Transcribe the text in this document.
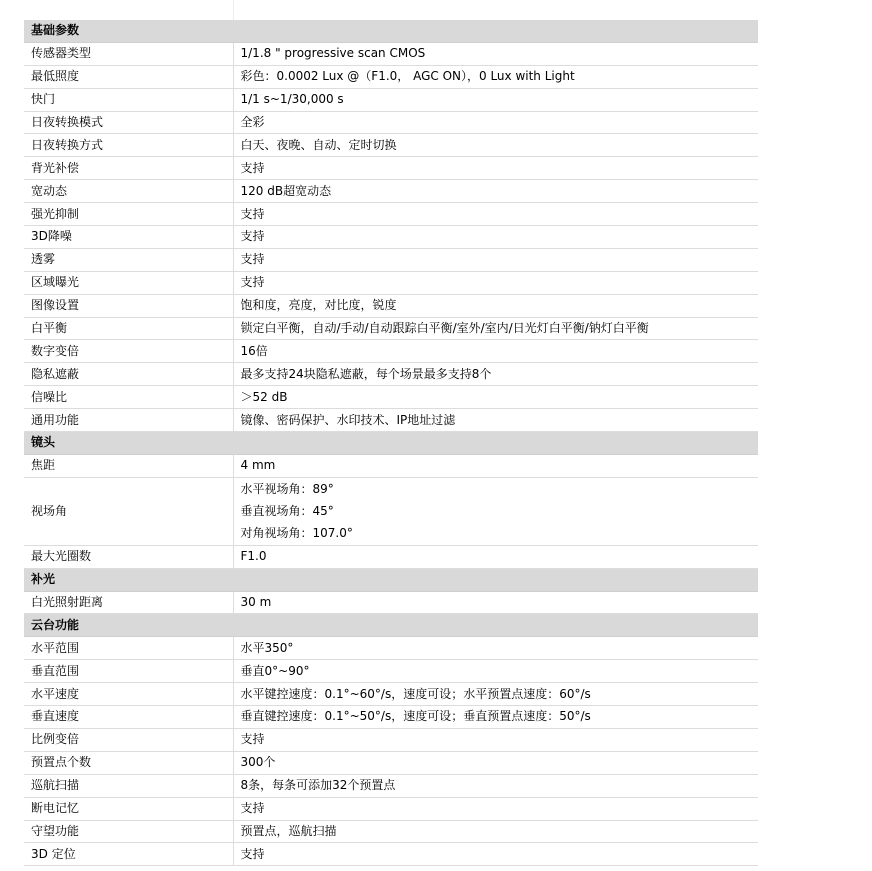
基础参数	
传感器类型	1/1.8 " progressive scan CMOS
最低照度	彩色：0.0002 Lux @（F1.0， AGC ON），0 Lux with Light
快门	1/1 s~1/30,000 s
日夜转换模式	全彩
日夜转换方式	白天、夜晚、自动、定时切换
背光补偿	支持
宽动态	120 dB超宽动态
强光抑制	支持
3D降噪	支持
透雾	支持
区域曝光	支持
图像设置	饱和度，亮度，对比度，锐度
白平衡	锁定白平衡，自动/手动/自动跟踪白平衡/室外/室内/日光灯白平衡/钠灯白平衡
数字变倍	16倍
隐私遮蔽	最多支持24块隐私遮蔽，每个场景最多支持8个
信噪比	＞52 dB
通用功能	镜像、密码保护、水印技术、IP地址过滤
镜头	
焦距	4 mm
视场角	水平视场角：89°
垂直视场角：45°
对角视场角：107.0°

最大光圈数	F1.0
补光	
白光照射距离	30 m
云台功能	
水平范围	水平350°
垂直范围	垂直0°~90°
水平速度	水平键控速度：0.1°~60°/s，速度可设；水平预置点速度：60°/s
垂直速度	垂直键控速度：0.1°~50°/s，速度可设；垂直预置点速度：50°/s
比例变倍	支持
预置点个数	300个
巡航扫描	8条，每条可添加32个预置点
断电记忆	支持
守望功能	预置点，巡航扫描
3D 定位	支持
